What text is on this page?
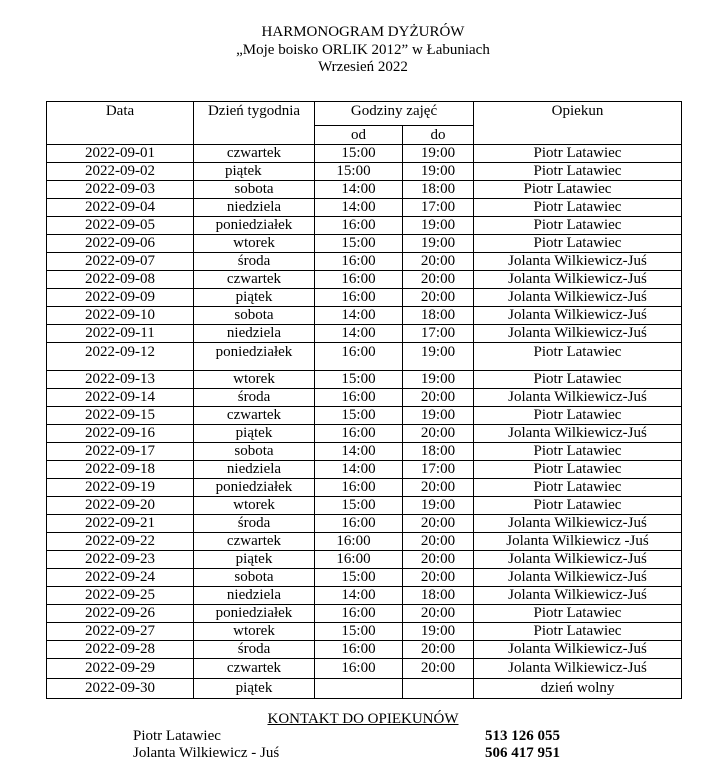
HARMONOGRAM DYŻURÓW
„Moje boisko ORLIK 2012” w Łabuniach
Wrzesień 2022
Data	Dzień tygodnia	Godziny zajęć		Opiekun
		od	do	
2022-09-01	czwartek	15:00	19:00	Piotr Latawiec
2022-09-02	piątek	15:00	19:00	Piotr Latawiec
2022-09-03	sobota	14:00	18:00	Piotr Latawiec
2022-09-04	niedziela	14:00	17:00	Piotr Latawiec
2022-09-05	poniedziałek	16:00	19:00	Piotr Latawiec
2022-09-06	wtorek	15:00	19:00	Piotr Latawiec
2022-09-07	środa	16:00	20:00	Jolanta Wilkiewicz-Juś
2022-09-08	czwartek	16:00	20:00	Jolanta Wilkiewicz-Juś
2022-09-09	piątek	16:00	20:00	Jolanta Wilkiewicz-Juś
2022-09-10	sobota	14:00	18:00	Jolanta Wilkiewicz-Juś
2022-09-11	niedziela	14:00	17:00	Jolanta Wilkiewicz-Juś
2022-09-12	poniedziałek	16:00	19:00	Piotr Latawiec
2022-09-13	wtorek	15:00	19:00	Piotr Latawiec
2022-09-14	środa	16:00	20:00	Jolanta Wilkiewicz-Juś
2022-09-15	czwartek	15:00	19:00	Piotr Latawiec
2022-09-16	piątek	16:00	20:00	Jolanta Wilkiewicz-Juś
2022-09-17	sobota	14:00	18:00	Piotr Latawiec
2022-09-18	niedziela	14:00	17:00	Piotr Latawiec
2022-09-19	poniedziałek	16:00	20:00	Piotr Latawiec
2022-09-20	wtorek	15:00	19:00	Piotr Latawiec
2022-09-21	środa	16:00	20:00	Jolanta Wilkiewicz-Juś
2022-09-22	czwartek	16:00	20:00	Jolanta Wilkiewicz -Juś
2022-09-23	piątek	16:00	20:00	Jolanta Wilkiewicz-Juś
2022-09-24	sobota	15:00	20:00	Jolanta Wilkiewicz-Juś
2022-09-25	niedziela	14:00	18:00	Jolanta Wilkiewicz-Juś
2022-09-26	poniedziałek	16:00	20:00	Piotr Latawiec
2022-09-27	wtorek	15:00	19:00	Piotr Latawiec
2022-09-28	środa	16:00	20:00	Jolanta Wilkiewicz-Juś
2022-09-29	czwartek	16:00	20:00	Jolanta Wilkiewicz-Juś
2022-09-30	piątek			dzień wolny
KONTAKT DO OPIEKUNÓW
Piotr Latawiec	513 126 055
Jolanta Wilkiewicz - Juś	506 417 951
